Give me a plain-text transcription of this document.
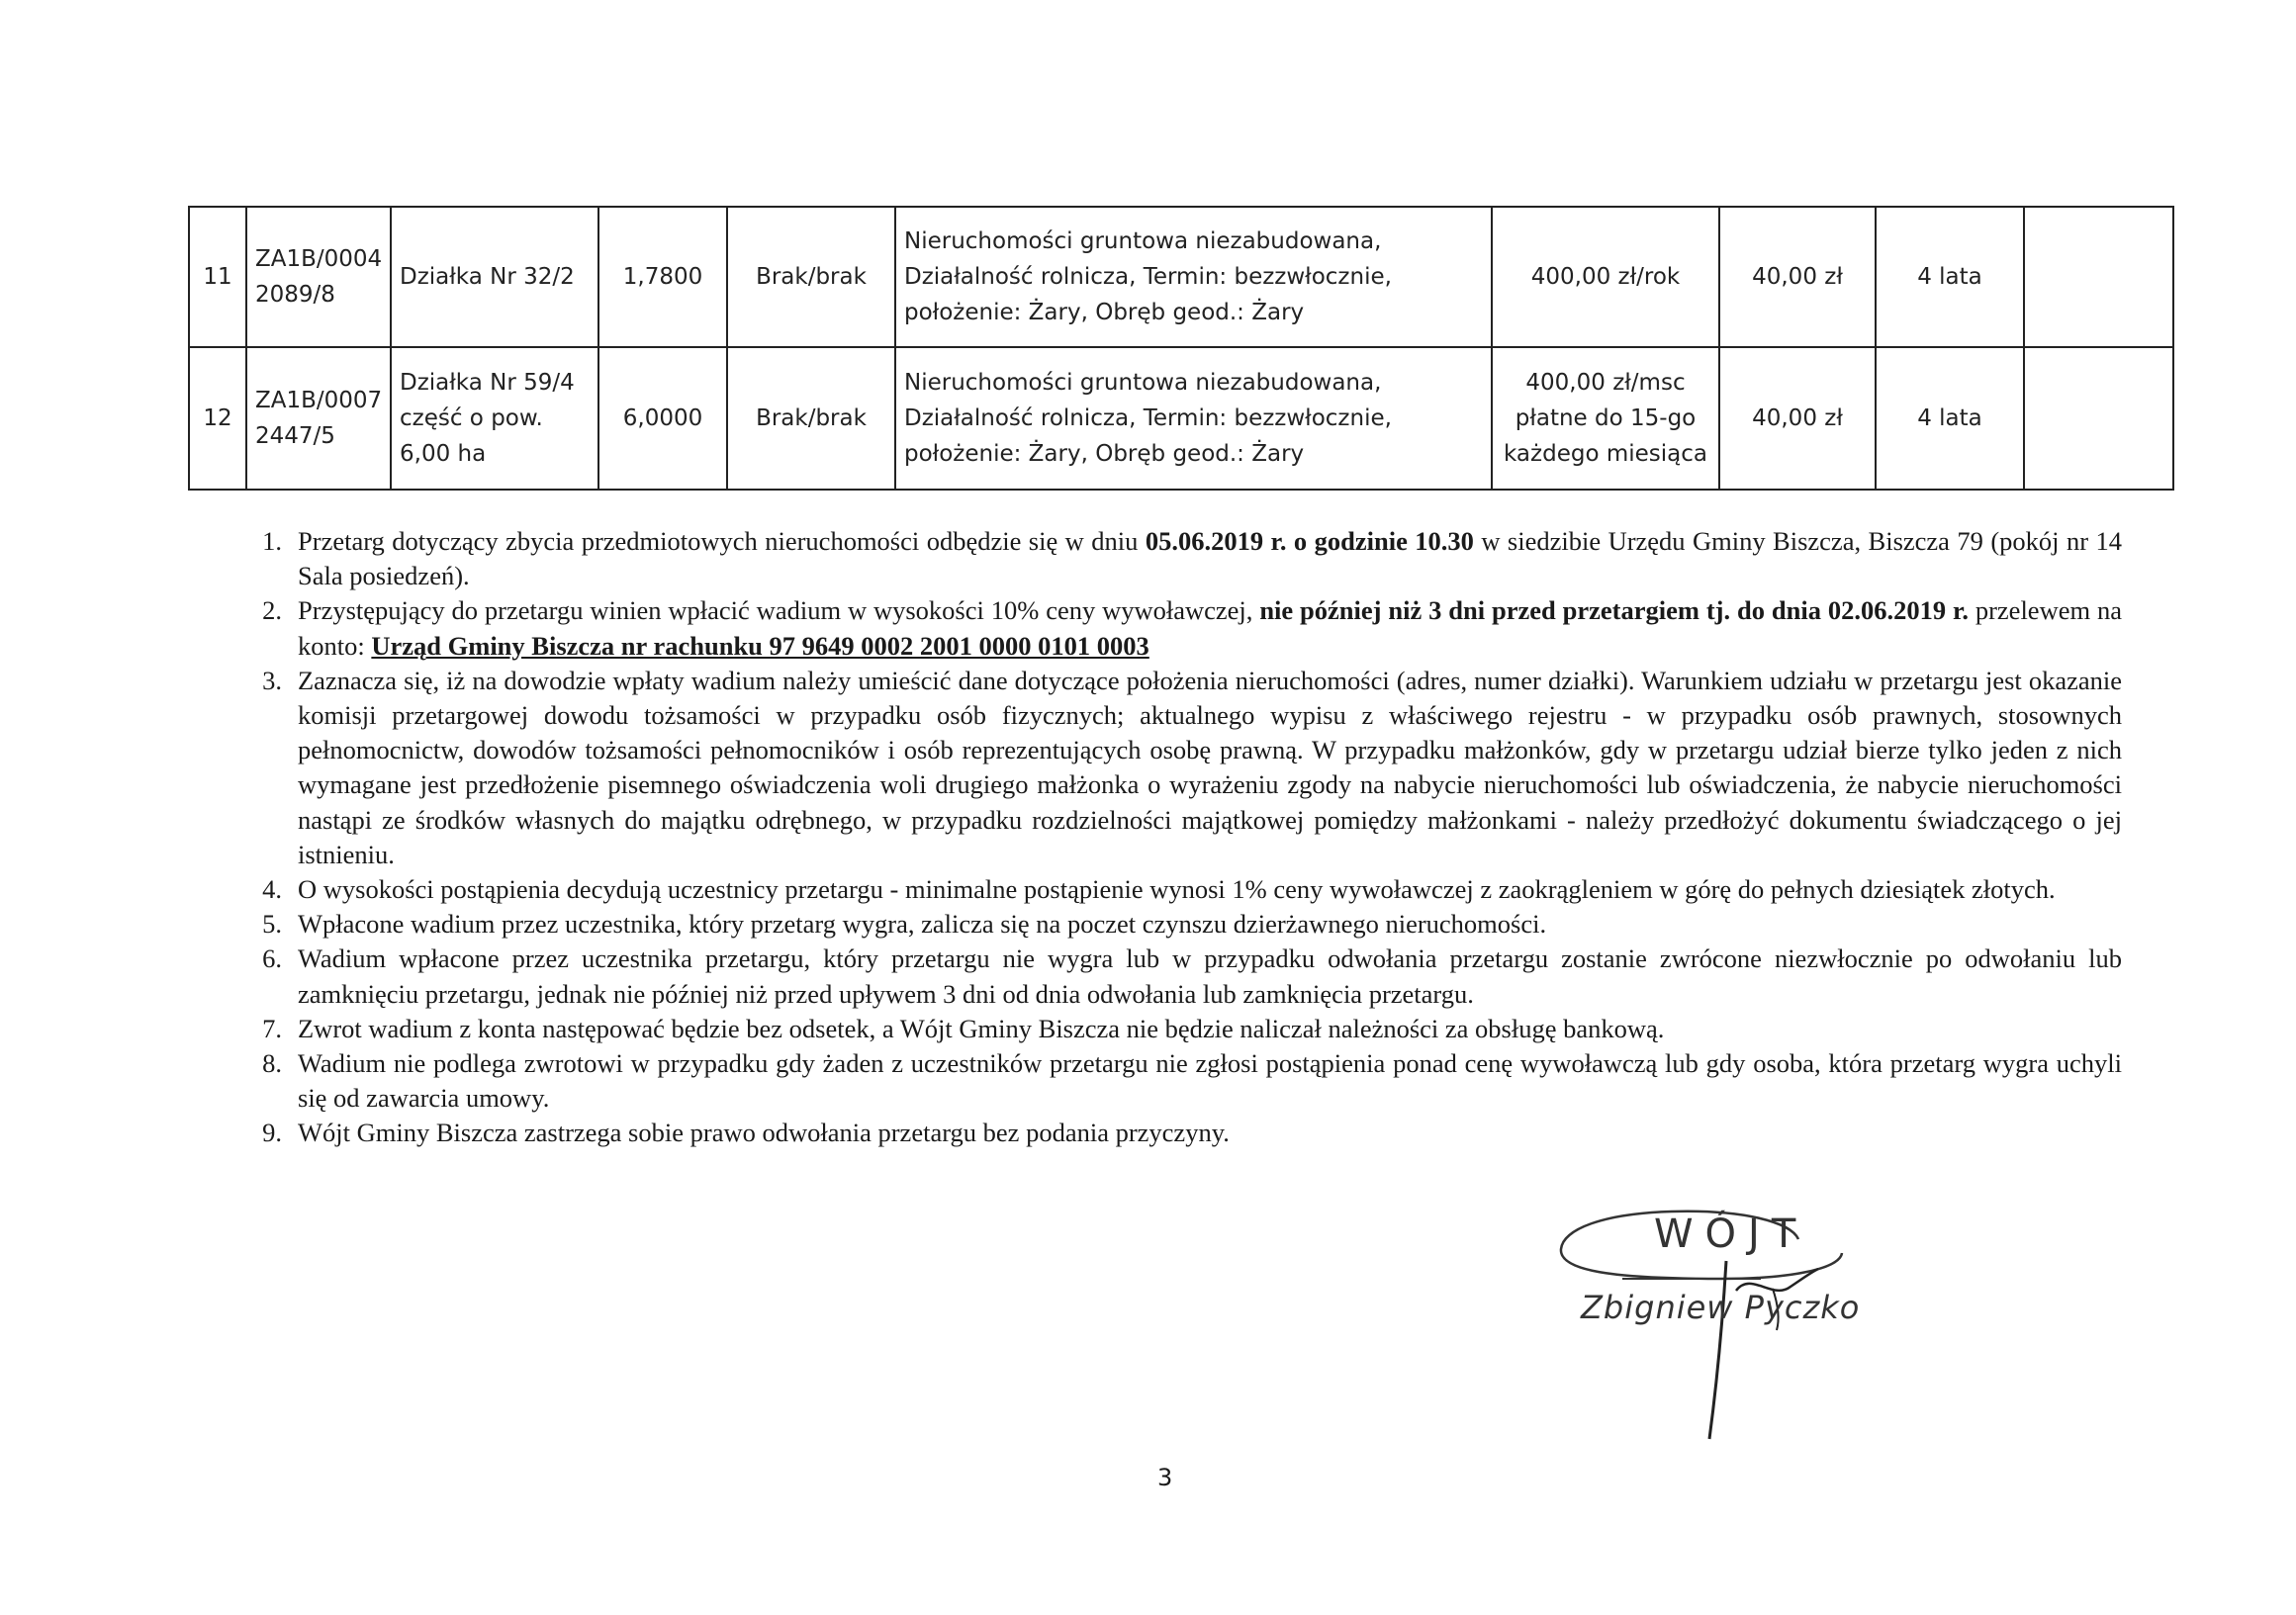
11	ZA1B/0004
2089/8	Działka Nr 32/2	1,7800	Brak/brak	Nieruchomości gruntowa niezabudowana,
Działalność rolnicza, Termin: bezzwłocznie,
położenie: Żary, Obręb geod.: Żary	400,00 zł/rok	40,00 zł	4 lata	
12	ZA1B/0007
2447/5	Działka Nr 59/4
część o pow.
6,00 ha	6,0000	Brak/brak	Nieruchomości gruntowa niezabudowana,
Działalność rolnicza, Termin: bezzwłocznie,
położenie: Żary, Obręb geod.: Żary	400,00 zł/msc
płatne do 15-go
każdego miesiąca	40,00 zł	4 lata	
1. Przetarg dotyczący zbycia przedmiotowych nieruchomości odbędzie się w dniu 05.06.2019 r. o godzinie 10.30 w siedzibie Urzędu Gminy Biszcza, Biszcza 79 (pokój nr 14 Sala posiedzeń).
2. Przystępujący do przetargu winien wpłacić wadium w wysokości 10% ceny wywoławczej, nie później niż 3 dni przed przetargiem tj. do dnia 02.06.2019 r. przelewem na konto: Urząd Gminy Biszcza nr rachunku 97 9649 0002 2001 0000 0101 0003
3. Zaznacza się, iż na dowodzie wpłaty wadium należy umieścić dane dotyczące położenia nieruchomości (adres, numer działki). Warunkiem udziału w przetargu jest okazanie komisji przetargowej dowodu tożsamości w przypadku osób fizycznych; aktualnego wypisu z właściwego rejestru - w przypadku osób prawnych, stosownych pełnomocnictw, dowodów tożsamości pełnomocników i osób reprezentujących osobę prawną. W przypadku małżonków, gdy w przetargu udział bierze tylko jeden z nich wymagane jest przedłożenie pisemnego oświadczenia woli drugiego małżonka o wyrażeniu zgody na nabycie nieruchomości lub oświadczenia, że nabycie nieruchomości nastąpi ze środków własnych do majątku odrębnego, w przypadku rozdzielności majątkowej pomiędzy małżonkami - należy przedłożyć dokumentu świadczącego o jej istnieniu.
4. O wysokości postąpienia decydują uczestnicy przetargu - minimalne postąpienie wynosi 1% ceny wywoławczej z zaokrągleniem w górę do pełnych dziesiątek złotych.
5. Wpłacone wadium przez uczestnika, który przetarg wygra, zalicza się na poczet czynszu dzierżawnego nieruchomości.
6. Wadium wpłacone przez uczestnika przetargu, który przetargu nie wygra lub w przypadku odwołania przetargu zostanie zwrócone niezwłocznie po odwołaniu lub zamknięciu przetargu, jednak nie później niż przed upływem 3 dni od dnia odwołania lub zamknięcia przetargu.
7. Zwrot wadium z konta następować będzie bez odsetek, a Wójt Gminy Biszcza nie będzie naliczał należności za obsługę bankową.
8. Wadium nie podlega zwrotowi w przypadku gdy żaden z uczestników przetargu nie zgłosi postąpienia ponad cenę wywoławczą lub gdy osoba, która przetarg wygra uchyli się od zawarcia umowy.
9. Wójt Gminy Biszcza zastrzega sobie prawo odwołania przetargu bez podania przyczyny.
WÓJT
Zbigniew Pyczko
3
